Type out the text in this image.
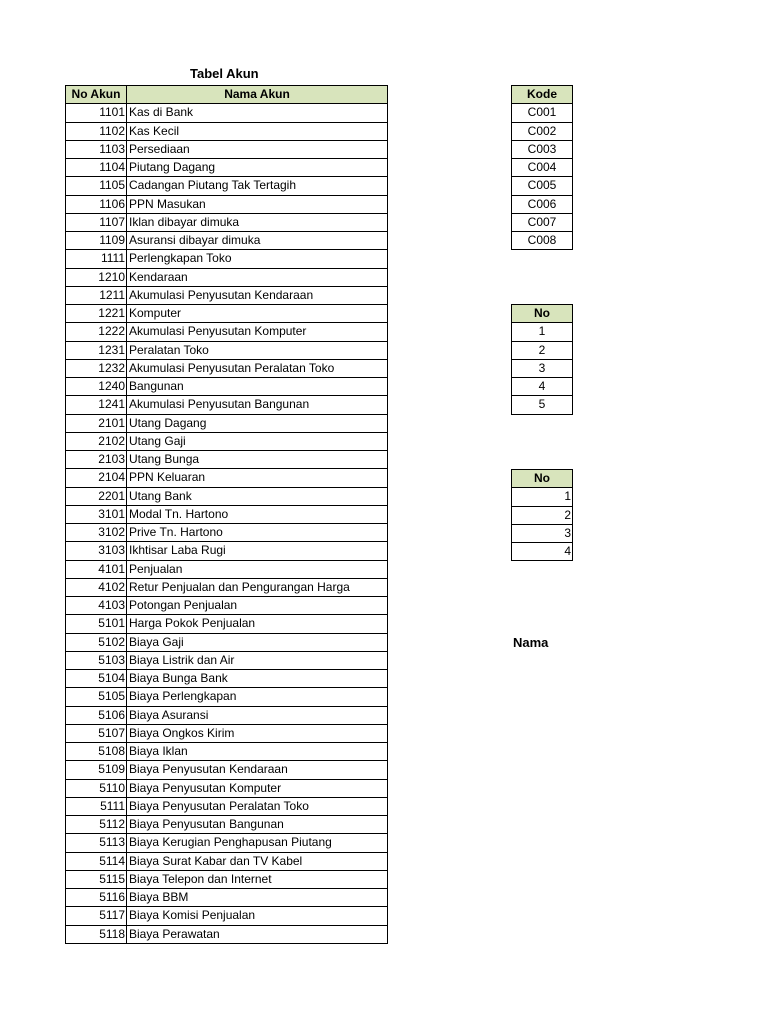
Tabel Akun
No Akun	Nama Akun
1101	Kas di Bank
1102	Kas Kecil
1103	Persediaan
1104	Piutang Dagang
1105	Cadangan Piutang Tak Tertagih
1106	PPN Masukan
1107	Iklan dibayar dimuka
1109	Asuransi dibayar dimuka
1111	Perlengkapan Toko
1210	Kendaraan
1211	Akumulasi Penyusutan Kendaraan
1221	Komputer
1222	Akumulasi Penyusutan Komputer
1231	Peralatan Toko
1232	Akumulasi Penyusutan Peralatan Toko
1240	Bangunan
1241	Akumulasi Penyusutan Bangunan
2101	Utang Dagang
2102	Utang Gaji
2103	Utang Bunga
2104	PPN Keluaran
2201	Utang Bank
3101	Modal Tn. Hartono
3102	Prive Tn. Hartono
3103	Ikhtisar Laba Rugi
4101	Penjualan
4102	Retur Penjualan dan Pengurangan Harga
4103	Potongan Penjualan
5101	Harga Pokok Penjualan
5102	Biaya Gaji
5103	Biaya Listrik dan Air
5104	Biaya Bunga Bank
5105	Biaya Perlengkapan
5106	Biaya Asuransi
5107	Biaya Ongkos Kirim
5108	Biaya Iklan
5109	Biaya Penyusutan Kendaraan
5110	Biaya Penyusutan Komputer
5111	Biaya Penyusutan Peralatan Toko
5112	Biaya Penyusutan Bangunan
5113	Biaya Kerugian Penghapusan Piutang
5114	Biaya Surat Kabar dan TV Kabel
5115	Biaya Telepon dan Internet
5116	Biaya BBM
5117	Biaya Komisi Penjualan
5118	Biaya Perawatan
Kode
C001
C002
C003
C004
C005
C006
C007
C008
No
1
2
3
4
5
No
1
2
3
4
Nama
